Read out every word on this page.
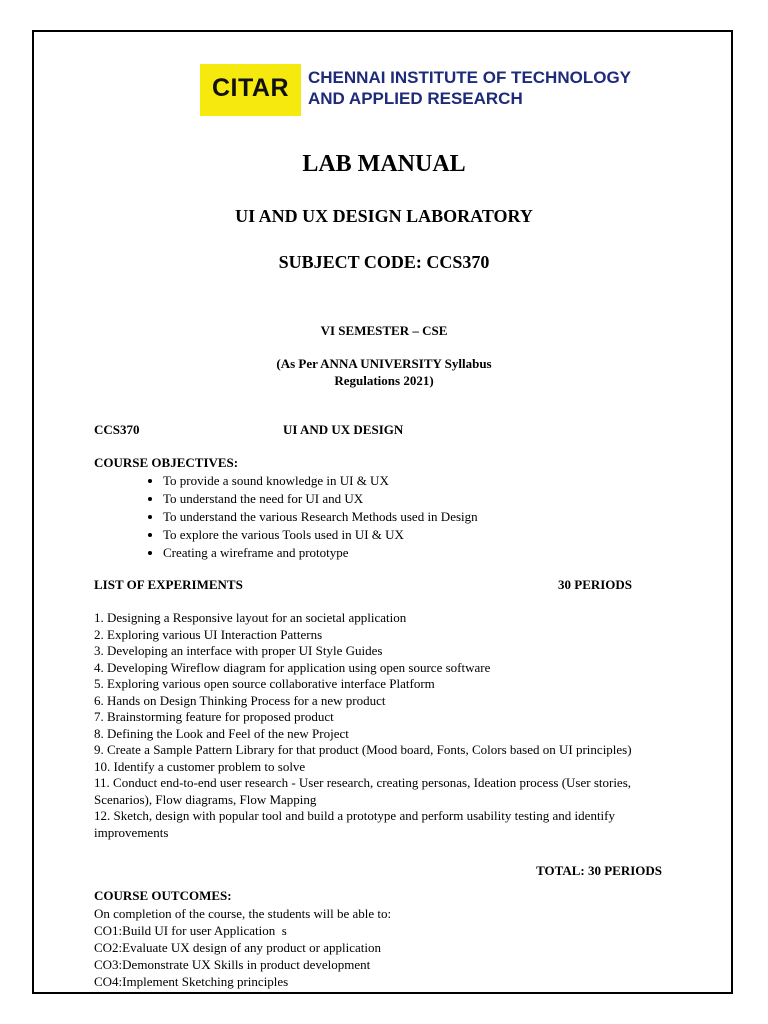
CITAR	CHENNAI INSTITUTE OF TECHNOLOGY
AND APPLIED RESEARCH
LAB MANUAL
UI AND UX DESIGN LABORATORY
SUBJECT CODE: CCS370
VI SEMESTER – CSE
(As Per ANNA UNIVERSITY Syllabus
Regulations 2021)
CCS370	UI AND UX DESIGN
COURSE OBJECTIVES:
• To provide a sound knowledge in UI & UX
• To understand the need for UI and UX
• To understand the various Research Methods used in Design
• To explore the various Tools used in UI & UX
• Creating a wireframe and prototype
LIST OF EXPERIMENTS	30 PERIODS
1. Designing a Responsive layout for an societal application
2. Exploring various UI Interaction Patterns
3. Developing an interface with proper UI Style Guides
4. Developing Wireflow diagram for application using open source software
5. Exploring various open source collaborative interface Platform
6. Hands on Design Thinking Process for a new product
7. Brainstorming feature for proposed product
8. Defining the Look and Feel of the new Project
9. Create a Sample Pattern Library for that product (Mood board, Fonts, Colors based on UI principles)
10. Identify a customer problem to solve
11. Conduct end-to-end user research - User research, creating personas, Ideation process (User stories, Scenarios), Flow diagrams, Flow Mapping
12. Sketch, design with popular tool and build a prototype and perform usability testing and identify improvements
TOTAL: 30 PERIODS
COURSE OUTCOMES:
On completion of the course, the students will be able to:
CO1:Build UI for user Application  s
CO2:Evaluate UX design of any product or application
CO3:Demonstrate UX Skills in product development
CO4:Implement Sketching principles
